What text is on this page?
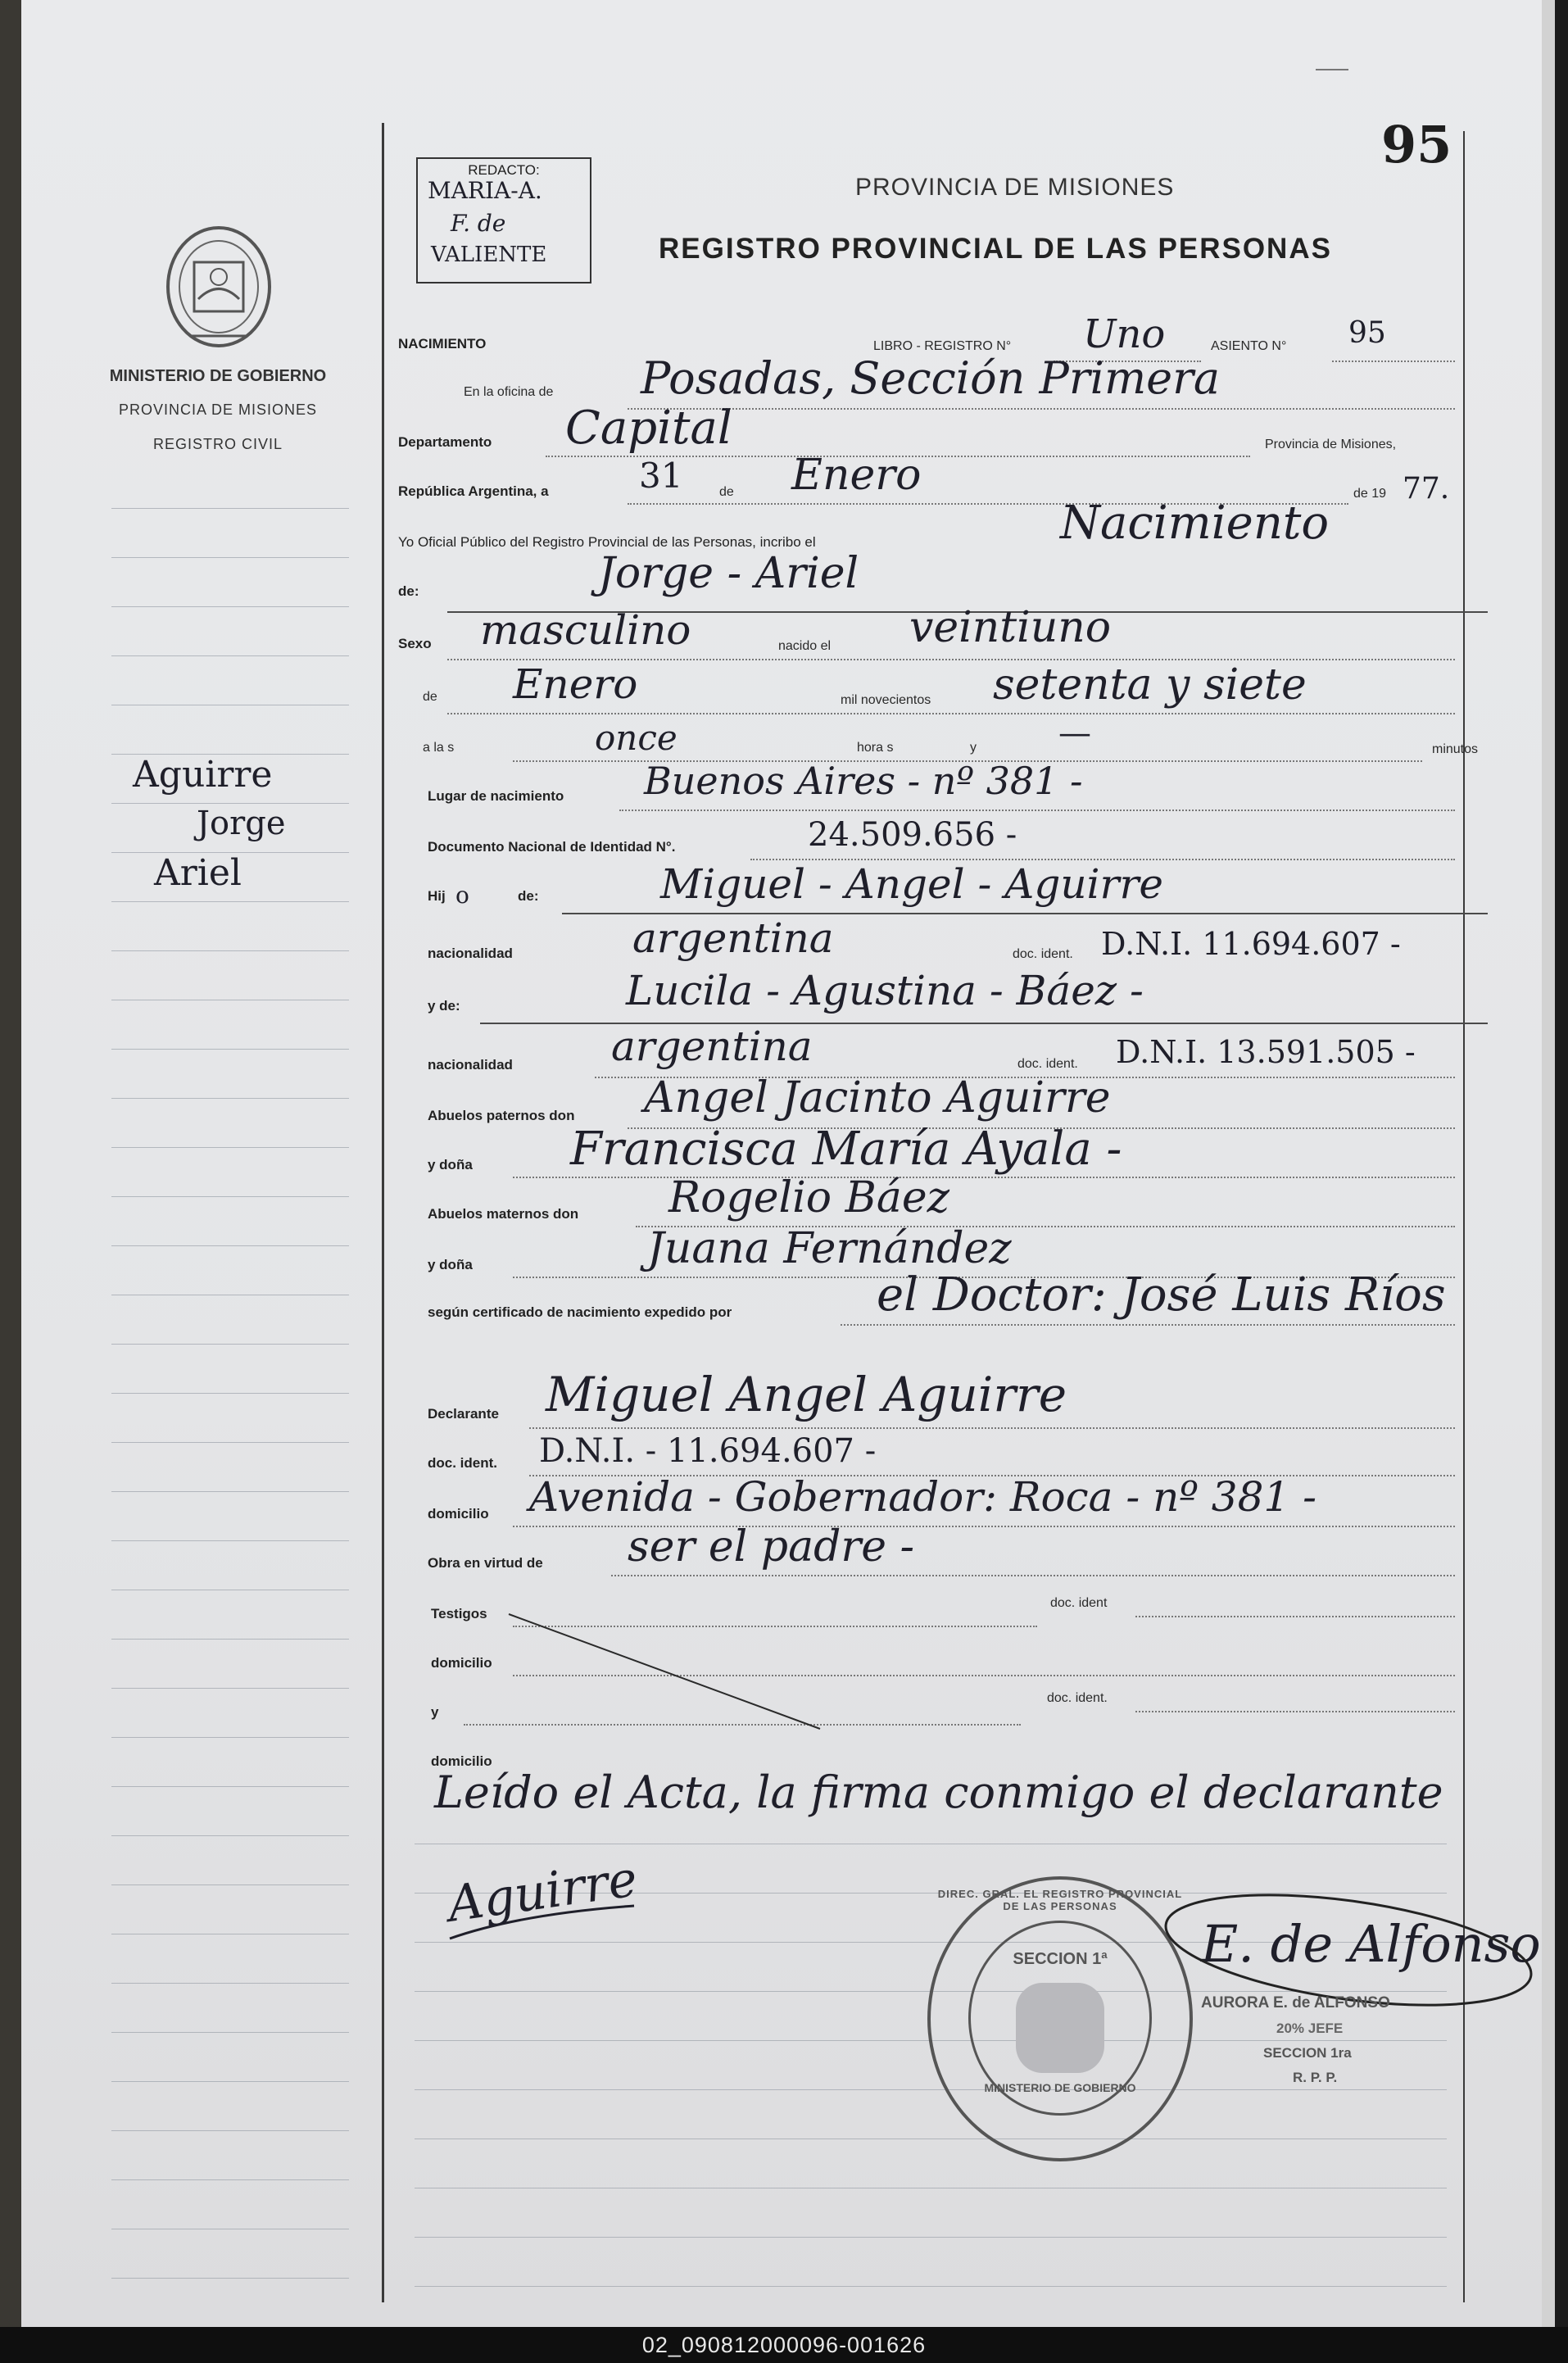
95
PROVINCIA DE MISIONES
REGISTRO PROVINCIAL DE LAS PERSONAS
REDACTO:
MARIA-A.
F. de
VALIENTE
MINISTERIO DE GOBIERNO
PROVINCIA DE MISIONES
REGISTRO CIVIL
Aguirre
Jorge
Ariel
NACIMIENTO	LIBRO - REGISTRO N° Uno	ASIENTO N° 95
En la oficina de Posadas, Sección Primera
Departamento Capital	Provincia de Misiones,
República Argentina, a	31	de Enero	de 19 77.
Yo Oficial Público del Registro Provincial de las Personas, incribo el	Nacimiento
de:	Jorge - Ariel
Sexo masculino	nacido el veintiuno
de Enero	mil novecientos setenta y siete
a la s	once	hora s	y	—	minutos
Lugar de nacimiento Buenos Aires - nº 381 -
Documento Nacional de Identidad N°.	24.509.656 -
Hij o	de:	Miguel - Angel - Aguirre
nacionalidad	argentina	doc. ident. D.N.I. 11.694.607 -
y de:	Lucila - Agustina - Báez -
nacionalidad argentina	doc. ident. D.N.I. 13.591.505 -
Abuelos paternos don Angel Jacinto Aguirre
y doña Francisca María Ayala -
Abuelos maternos don Rogelio Báez
y doña	Juana Fernández
según certificado de nacimiento expedido por	el Doctor: José Luis Ríos
Declarante Miguel Angel Aguirre
doc. ident. D.N.I. - 11.694.607 -
domicilio Avenida - Gobernador: Roca - nº 381 -
Obra en virtud de ser el padre -
Testigos
doc. ident
domicilio
y
doc. ident.
domicilio
Leído el Acta, la firma conmigo el declarante
Aguirre
SECCION 1ª
MINISTERIO DE GOBIERNO
DIREC. GRAL. EL REGISTRO PROVINCIAL DE LAS PERSONAS
E. de Alfonso
AURORA E. de ALFONSO
20% JEFE
SECCION 1ra
R. P. P.
02_090812000096-001626
